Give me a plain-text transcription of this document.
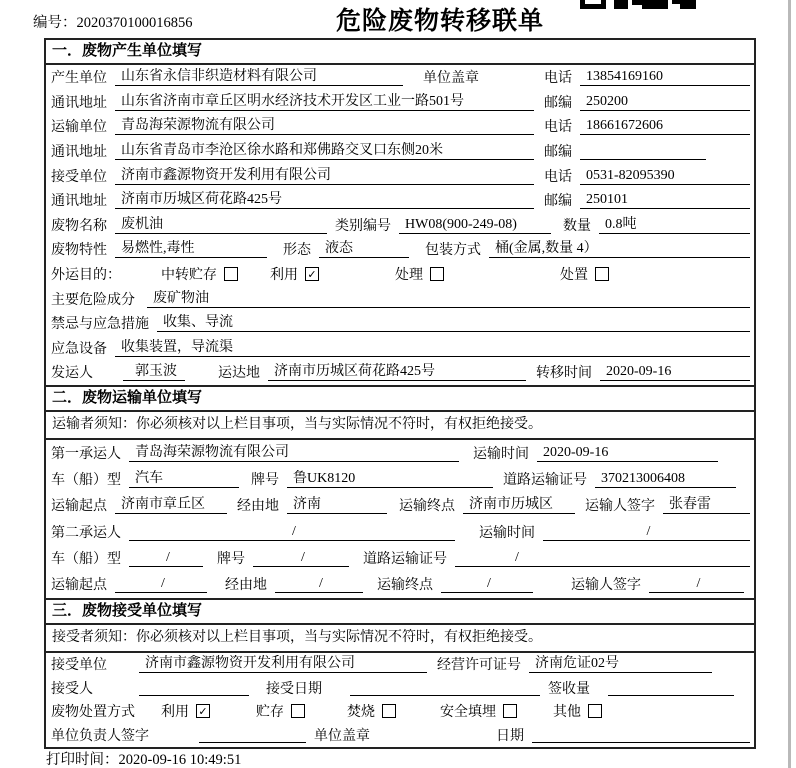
编号：2020370100016856	危险废物转移联单
一．废物产生单位填写
产生单位	山东省永信非织造材料有限公司	单位盖章	电话	13854169160
通讯地址	山东省济南市章丘区明水经济技术开发区工业一路501号	邮编	250200
运输单位	青岛海荣源物流有限公司	电话	18661672606
通讯地址	山东省青岛市李沧区徐水路和郑佛路交叉口东侧20米	邮编
接受单位	济南市鑫源物资开发利用有限公司	电话	0531-82095390
通讯地址	济南市历城区荷花路425号	邮编	250101
废物名称	废机油	类别编号	HW08(900-249-08)	数量	0.8吨
废物特性	易燃性,毒性	形态	液态	包装方式	桶(金属,数量 4）
外运目的：	中转贮存	利用 ✓	处理	处置
主要危险成分	废矿物油
禁忌与应急措施	收集、导流
应急设备	收集装置，导流渠
发运人	郭玉波	运达地	济南市历城区荷花路425号	转移时间	2020-09-16
二．废物运输单位填写
运输者须知：你必须核对以上栏目事项，当与实际情况不符时，有权拒绝接受。
第一承运人	青岛海荣源物流有限公司	运输时间	2020-09-16
车（船）型	汽车	牌号	鲁UK8120	道路运输证号	370213006408
运输起点	济南市章丘区	经由地	济南	运输终点	济南市历城区	运输人签字	张春雷
第二承运人	/	运输时间	/
车（船）型	/	牌号	/	道路运输证号	/
运输起点	/	经由地	/	运输终点	/	运输人签字	/
三．废物接受单位填写
接受者须知：你必须核对以上栏目事项，当与实际情况不符时，有权拒绝接受。
接受单位	济南市鑫源物资开发利用有限公司	经营许可证号	济南危证02号
接受人	接受日期	签收量
废物处置方式 利用 ✓	贮存	焚烧	安全填埋	其他
单位负责人签字	单位盖章	日期
打印时间：2020-09-16 10:49:51
